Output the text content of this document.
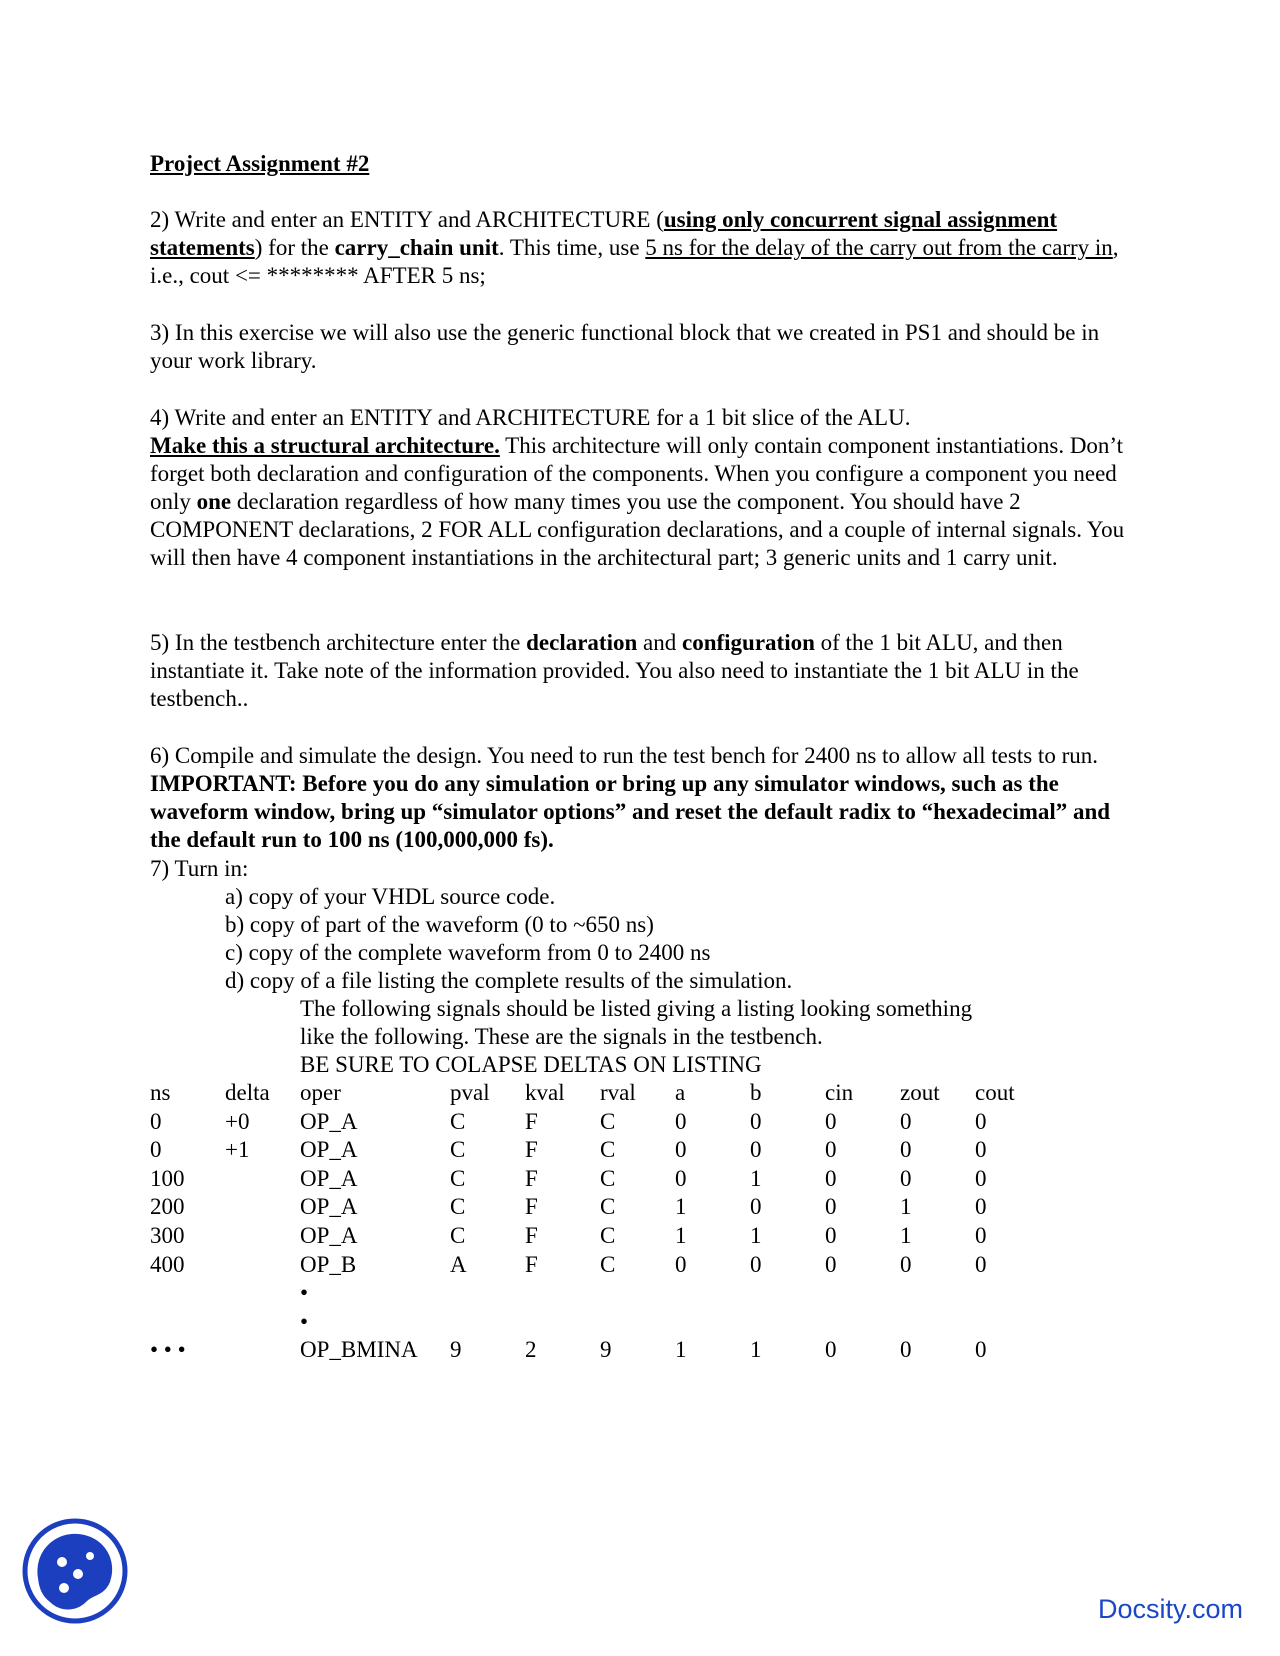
Project Assignment #2

2) Write and enter an ENTITY and ARCHITECTURE (using only concurrent signal assignment statements) for the carry_chain unit. This time, use 5 ns for the delay of the carry out from the carry in, i.e., cout <= ******** AFTER 5 ns;

3) In this exercise we will also use the generic functional block that we created in PS1 and should be in your work library.

4) Write and enter an ENTITY and ARCHITECTURE for a 1 bit slice of the ALU.
Make this a structural architecture. This architecture will only contain component instantiations. Don’t forget both declaration and configuration of the components. When you configure a component you need only one declaration regardless of how many times you use the component. You should have 2 COMPONENT declarations, 2 FOR ALL configuration declarations, and a couple of internal signals. You will then have 4 component instantiations in the architectural part; 3 generic units and 1 carry unit.

5) In the testbench architecture enter the declaration and configuration of the 1 bit ALU, and then instantiate it. Take note of the information provided. You also need to instantiate the 1 bit ALU in the testbench..

6) Compile and simulate the design. You need to run the test bench for 2400 ns to allow all tests to run. IMPORTANT: Before you do any simulation or bring up any simulator windows, such as the waveform window, bring up “simulator options” and reset the default radix to “hexadecimal” and the default run to 100 ns (100,000,000 fs).

7) Turn in:

a) copy of your VHDL source code.

b) copy of part of the waveform (0 to ~650 ns)

c) copy of the complete waveform from 0 to 2400 ns

d) copy of a file listing the complete results of the simulation.

The following signals should be listed giving a listing looking something

like the following. These are the signals in the testbench.

BE SURE TO COLAPSE DELTAS ON LISTING

ns	delta	oper	pval	kval	rval	a	b	cin	zout	cout
0	+0	OP_A	C	F	C	0	0	0	0	0
0	+1	OP_A	C	F	C	0	0	0	0	0
100		OP_A	C	F	C	0	1	0	0	0
200		OP_A	C	F	C	1	0	0	1	0
300		OP_A	C	F	C	1	1	0	1	0
400		OP_B	A	F	C	0	0	0	0	0
		•								
		•								
• • •		OP_BMINA	9	2	9	1	1	0	0	0
Docsity.com
